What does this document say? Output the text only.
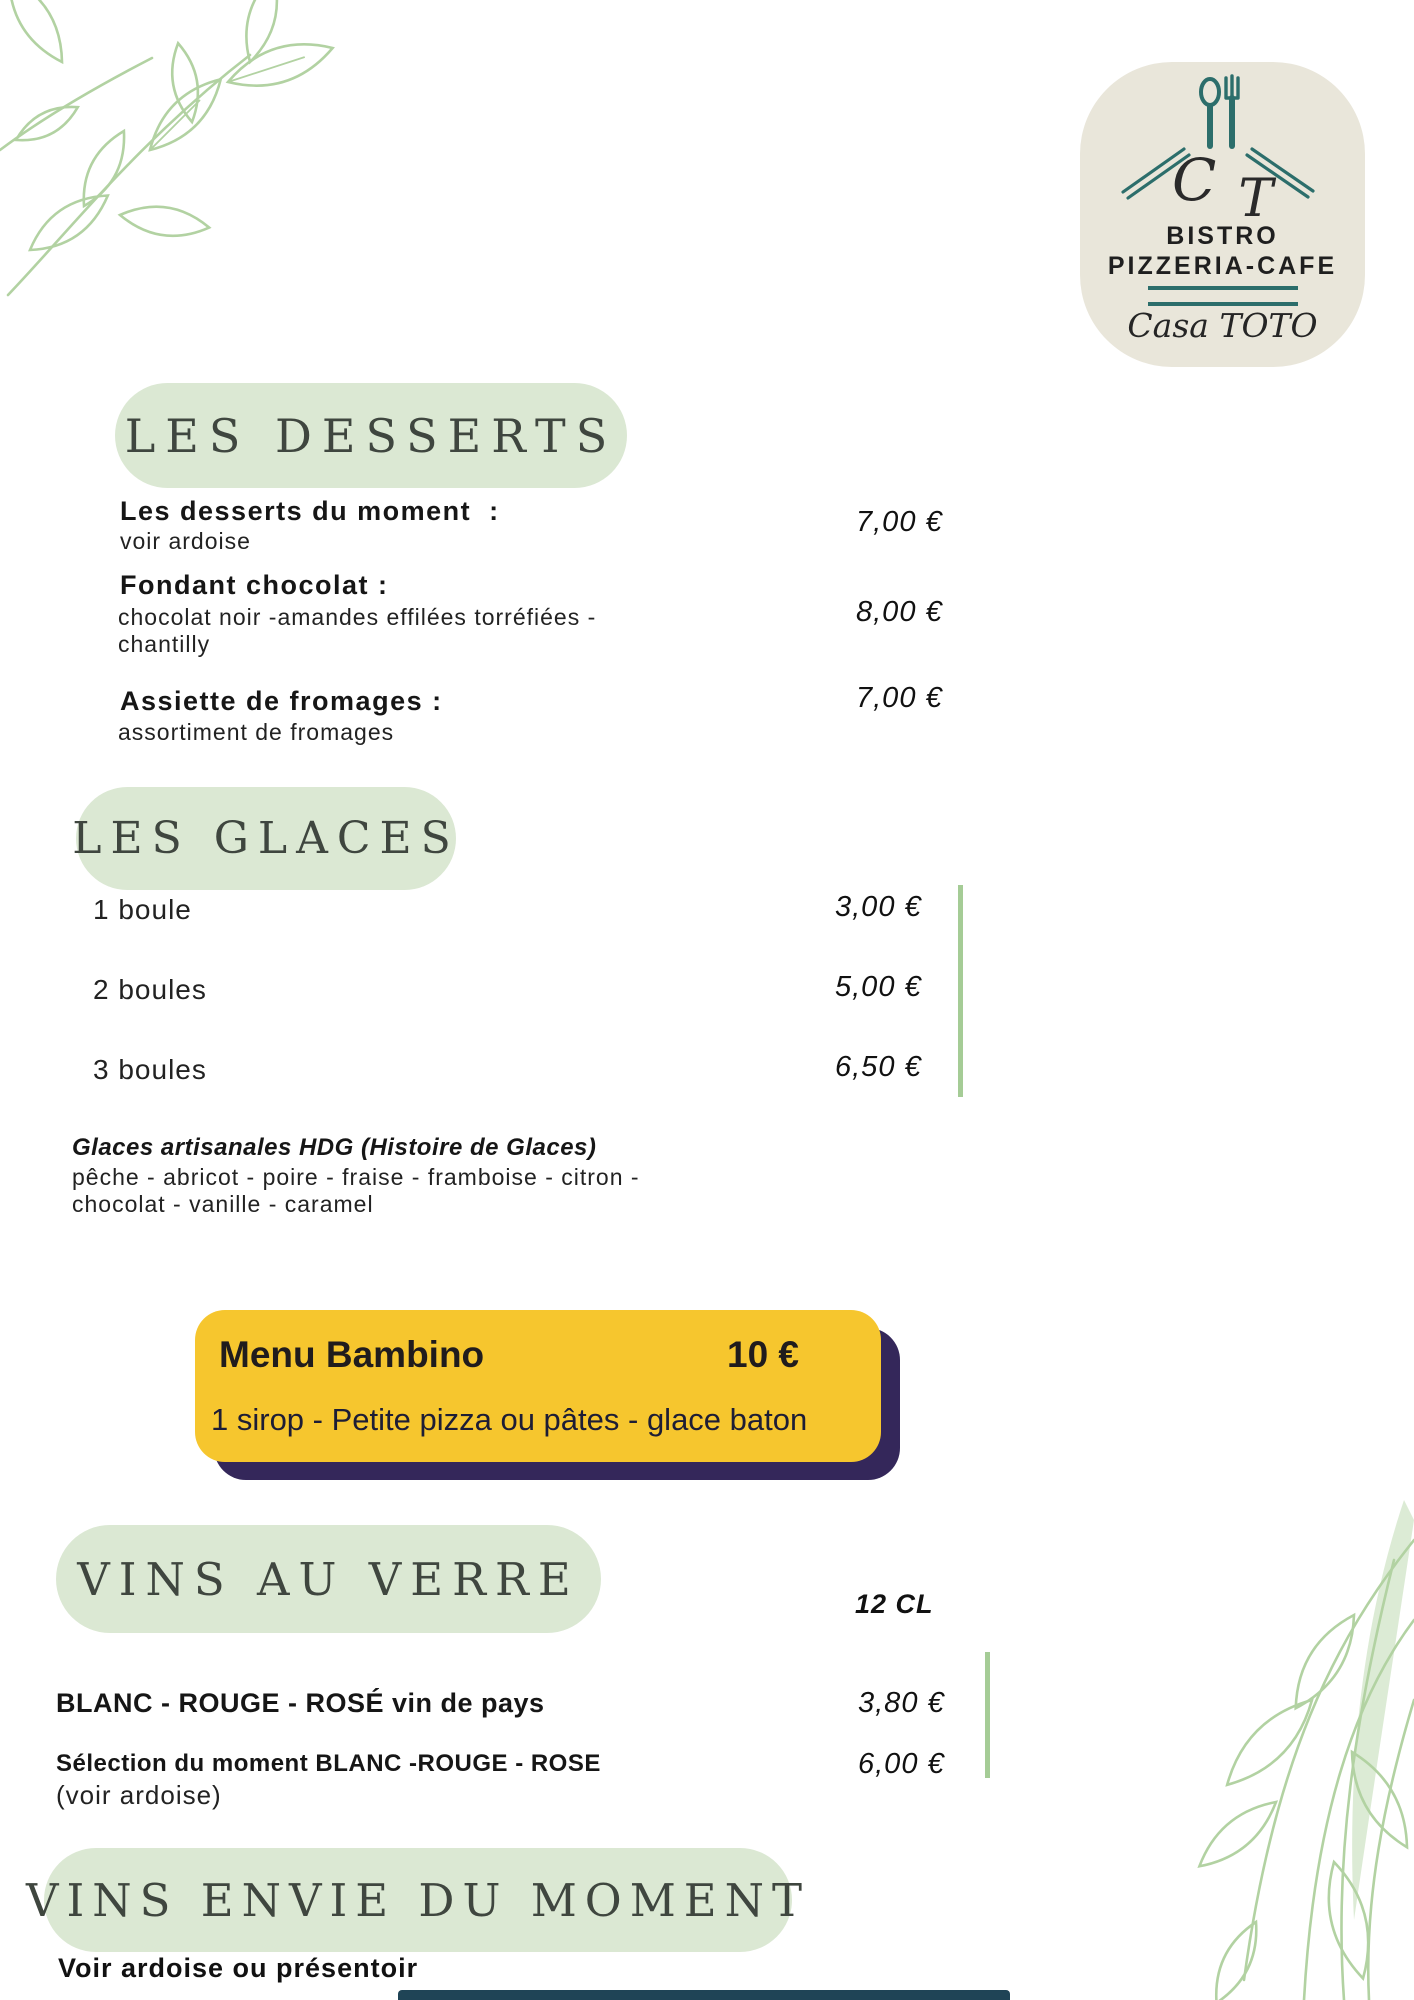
C T
BISTRO
PIZZERIA-CAFE
Casa TOTO
LES DESSERTS
Les desserts du moment  :
voir ardoise
7,00 €
Fondant chocolat :
chocolat noir -amandes effilées torréfiées - chantilly
8,00 €
Assiette de fromages :
assortiment de fromages
7,00 €
LES GLACES
1 boule	3,00 €
2 boules	5,00 €
3 boules	6,50 €
Glaces artisanales HDG (Histoire de Glaces)
pêche - abricot - poire - fraise - framboise - citron - chocolat - vanille - caramel
Menu Bambino	10 €
1 sirop - Petite pizza ou pâtes - glace baton
VINS AU VERRE	12 CL
BLANC - ROUGE - ROSÉ vin de pays	3,80 €
Sélection du moment BLANC -ROUGE - ROSE
(voir ardoise)
6,00 €
VINS ENVIE DU MOMENT
Voir ardoise ou présentoir
